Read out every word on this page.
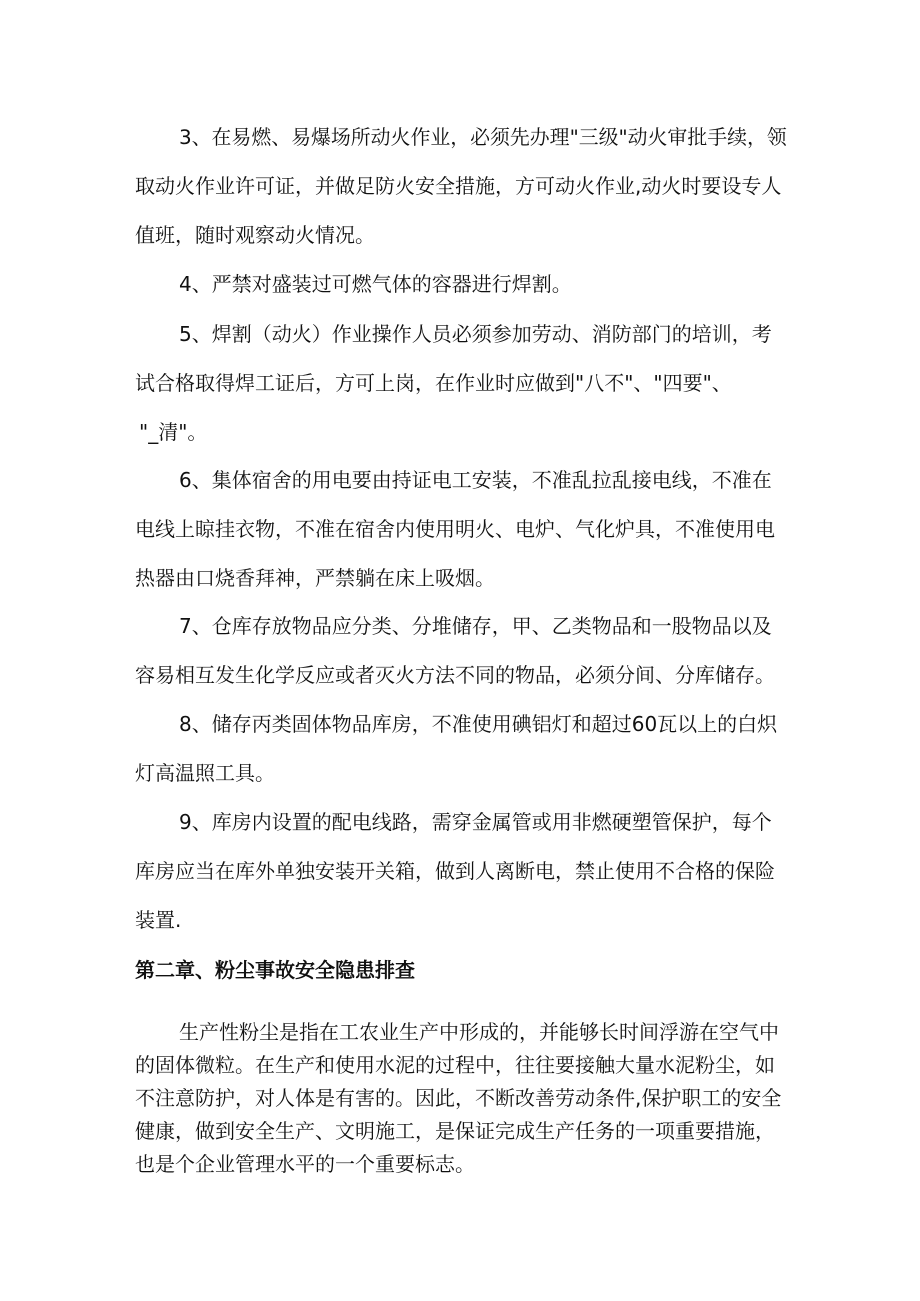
3、在易燃、易爆场所动火作业，必须先办理"三级"动火审批手续，领
取动火作业许可证，并做足防火安全措施，方可动火作业,动火时要设专人
值班，随时观察动火情况。
4、严禁对盛装过可燃气体的容器进行焊割。
5、焊割（动火）作业操作人员必须参加劳动、消防部门的培训，考
试合格取得焊工证后，方可上岗，在作业时应做到"八不"、"四要"、
"_清"。
6、集体宿舍的用电要由持证电工安装，不准乱拉乱接电线，不准在
电线上晾挂衣物，不准在宿舍内使用明火、电炉、气化炉具，不准使用电
热器由口烧香拜神，严禁躺在床上吸烟。
7、仓库存放物品应分类、分堆储存，甲、乙类物品和一股物品以及
容易相互发生化学反应或者灭火方法不同的物品，必须分间、分库储存。
8、储存丙类固体物品库房，不准使用碘铝灯和超过60瓦以上的白炽
灯高温照工具。
9、库房内设置的配电线路，需穿金属管或用非燃硬塑管保护，每个
库房应当在库外单独安装开关箱，做到人离断电，禁止使用不合格的保险
装置.
第二章、粉尘事故安全隐患排查
生产性粉尘是指在工农业生产中形成的，并能够长时间浮游在空气中
的固体微粒。在生产和使用水泥的过程中，往往要接触大量水泥粉尘，如
不注意防护，对人体是有害的。因此，不断改善劳动条件,保护职工的安全
健康，做到安全生产、文明施工，是保证完成生产任务的一项重要措施，
也是个企业管理水平的一个重要标志。
